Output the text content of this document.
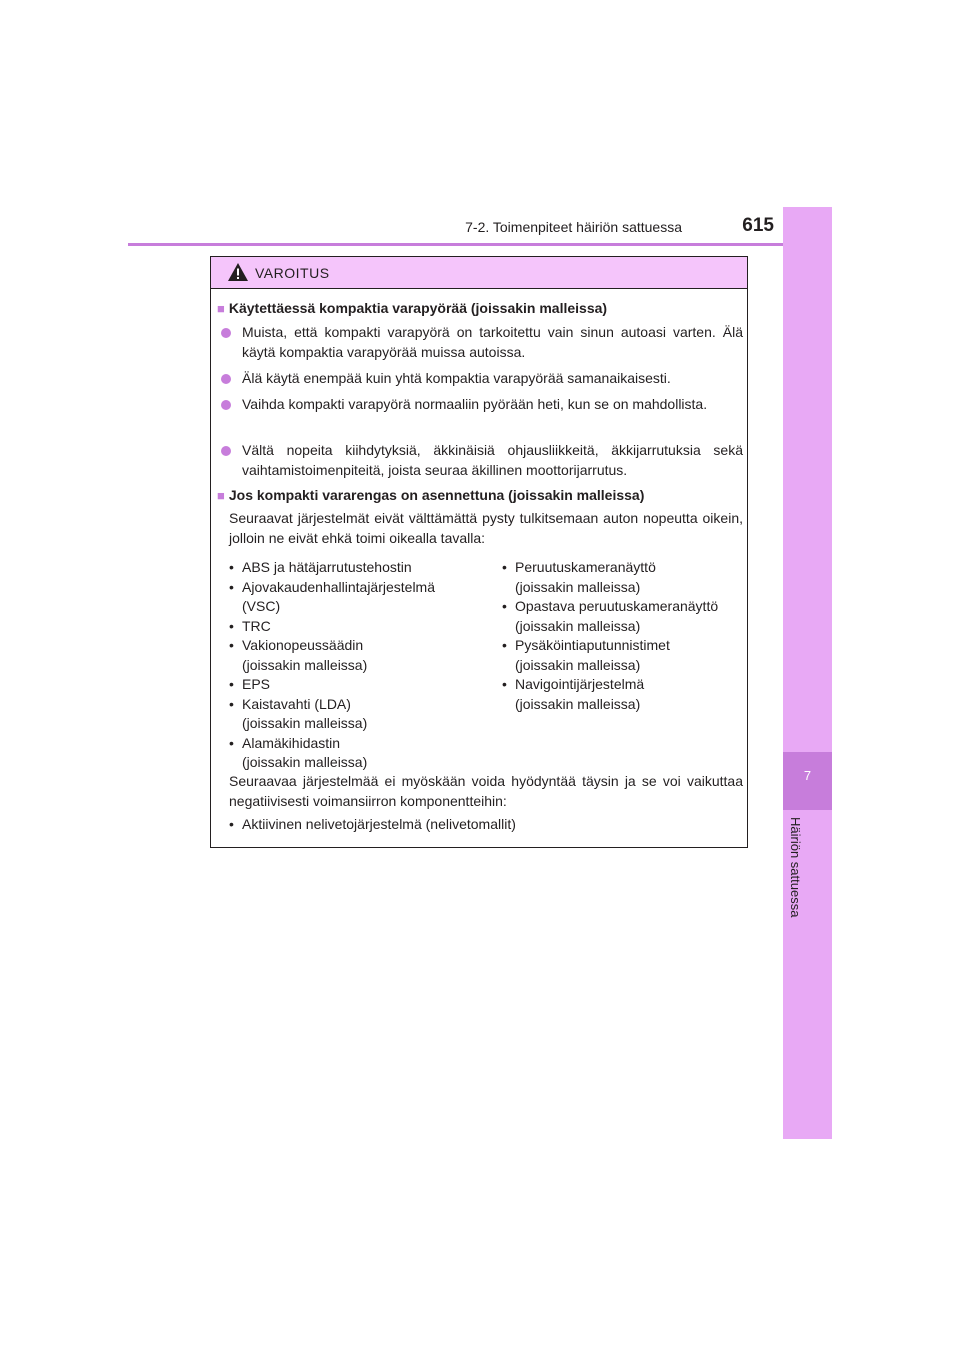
7-2. Toimenpiteet häiriön sattuessa	615
7
Häiriön sattuessa
VAROITUS
■ Käytettäessä kompaktia varapyörää (joissakin malleissa)
Muista, että kompakti varapyörä on tarkoitettu vain sinun autoasi varten. Älä käytä kompaktia varapyörää muissa autoissa.
Älä käytä enempää kuin yhtä kompaktia varapyörää samanaikaisesti.
Vaihda kompakti varapyörä normaaliin pyörään heti, kun se on mahdollista.
Vältä nopeita kiihdytyksiä, äkkinäisiä ohjausliikkeitä, äkkijarrutuksia sekä vaihtamistoimenpiteitä, joista seuraa äkillinen moottorijarrutus.
■ Jos kompakti vararengas on asennettuna (joissakin malleissa)
Seuraavat järjestelmät eivät välttämättä pysty tulkitsemaan auton nopeutta oikein, jolloin ne eivät ehkä toimi oikealla tavalla:
• ABS ja hätäjarrutustehostin
• Ajovakaudenhallintajärjestelmä (VSC)
• TRC
• Vakionopeussäädin (joissakin malleissa)
• EPS
• Kaistavahti (LDA) (joissakin malleissa)
• Alamäkihidastin (joissakin malleissa)
• Peruutuskameranäyttö (joissakin malleissa)
• Opastava peruutuskameranäyttö (joissakin malleissa)
• Pysäköintiaputunnistimet (joissakin malleissa)
• Navigointijärjestelmä (joissakin malleissa)
Seuraavaa järjestelmää ei myöskään voida hyödyntää täysin ja se voi vaikuttaa negatiivisesti voimansiirron komponentteihin:
• Aktiivinen nelivetojärjestelmä (nelivetomallit)
